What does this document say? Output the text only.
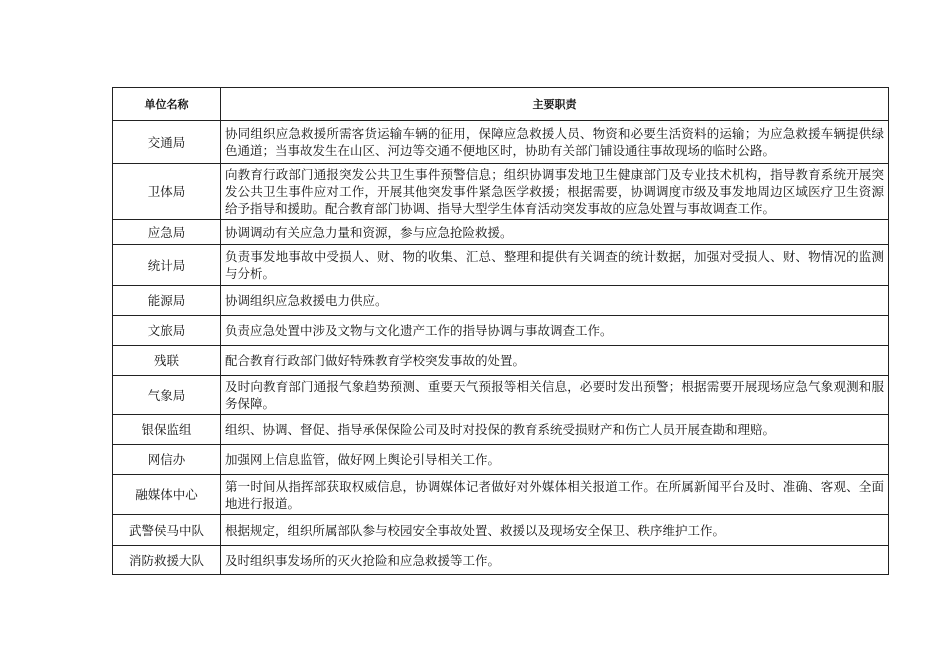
单位名称	主要职责
交通局	协同组织应急救援所需客货运输车辆的征用，保障应急救援人员、物资和必要生活资料的运输；为应急救援车辆提供绿色通道；当事故发生在山区、河边等交通不便地区时，协助有关部门铺设通往事故现场的临时公路。
卫体局	向教育行政部门通报突发公共卫生事件预警信息；组织协调事发地卫生健康部门及专业技术机构，指导教育系统开展突发公共卫生事件应对工作，开展其他突发事件紧急医学救援；根据需要，协调调度市级及事发地周边区域医疗卫生资源给予指导和援助。配合教育部门协调、指导大型学生体育活动突发事故的应急处置与事故调查工作。
应急局	协调调动有关应急力量和资源，参与应急抢险救援。
统计局	负责事发地事故中受损人、财、物的收集、汇总、整理和提供有关调查的统计数据，加强对受损人、财、物情况的监测与分析。
能源局	协调组织应急救援电力供应。
文旅局	负责应急处置中涉及文物与文化遗产工作的指导协调与事故调查工作。
残联	配合教育行政部门做好特殊教育学校突发事故的处置。
气象局	及时向教育部门通报气象趋势预测、重要天气预报等相关信息，必要时发出预警；根据需要开展现场应急气象观测和服务保障。
银保监组	组织、协调、督促、指导承保保险公司及时对投保的教育系统受损财产和伤亡人员开展查勘和理赔。
网信办	加强网上信息监管，做好网上舆论引导相关工作。
融媒体中心	第一时间从指挥部获取权威信息，协调媒体记者做好对外媒体相关报道工作。在所属新闻平台及时、准确、客观、全面地进行报道。
武警侯马中队	根据规定，组织所属部队参与校园安全事故处置、救援以及现场安全保卫、秩序维护工作。
消防救援大队	及时组织事发场所的灭火抢险和应急救援等工作。
